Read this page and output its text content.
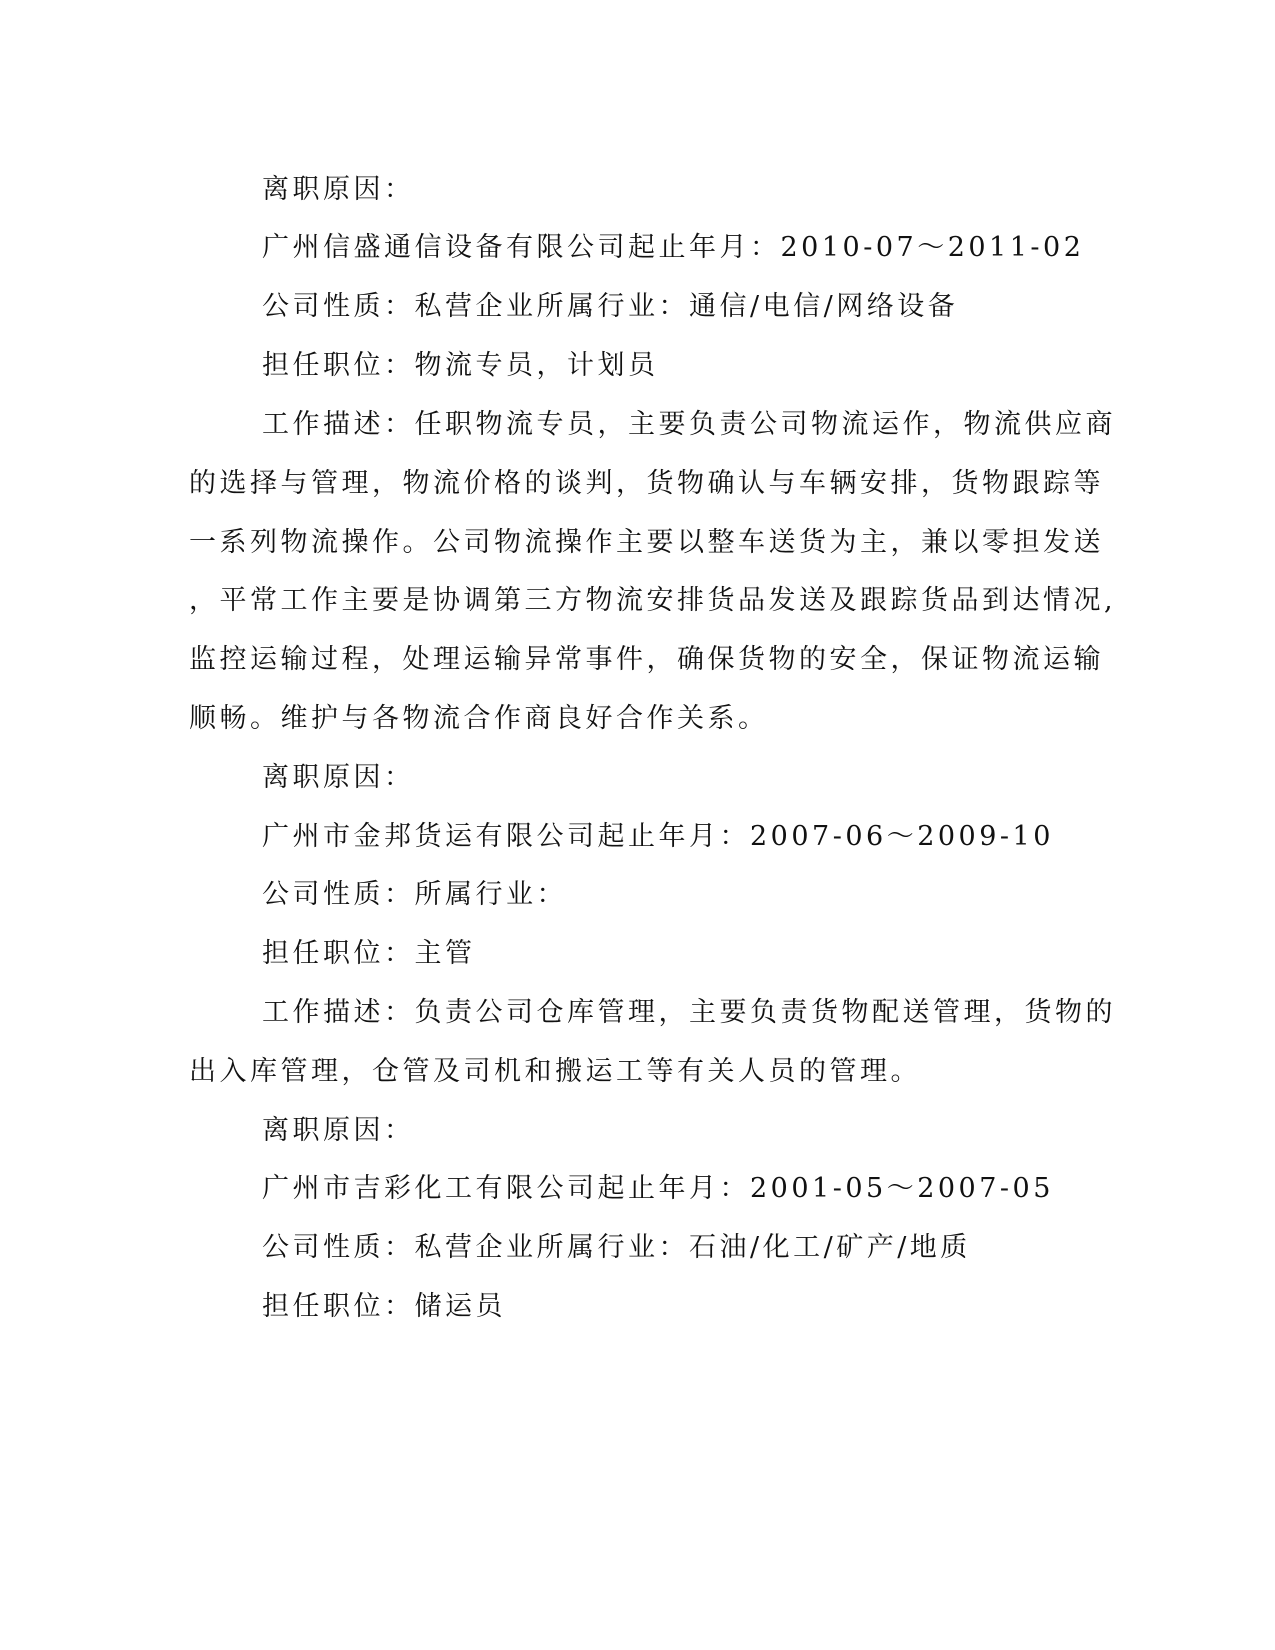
离职原因：
广州信盛通信设备有限公司起止年月：2010-07～2011-02
公司性质：私营企业所属行业：通信/电信/网络设备
担任职位：物流专员，计划员
工作描述：任职物流专员，主要负责公司物流运作，物流供应商
的选择与管理，物流价格的谈判，货物确认与车辆安排，货物跟踪等
一系列物流操作。公司物流操作主要以整车送货为主，兼以零担发送
，平常工作主要是协调第三方物流安排货品发送及跟踪货品到达情况,
监控运输过程，处理运输异常事件，确保货物的安全，保证物流运输
顺畅。维护与各物流合作商良好合作关系。
离职原因：
广州市金邦货运有限公司起止年月：2007-06～2009-10
公司性质：所属行业：
担任职位：主管
工作描述：负责公司仓库管理，主要负责货物配送管理，货物的
出入库管理，仓管及司机和搬运工等有关人员的管理。
离职原因：
广州市吉彩化工有限公司起止年月：2001-05～2007-05
公司性质：私营企业所属行业：石油/化工/矿产/地质
担任职位：储运员
